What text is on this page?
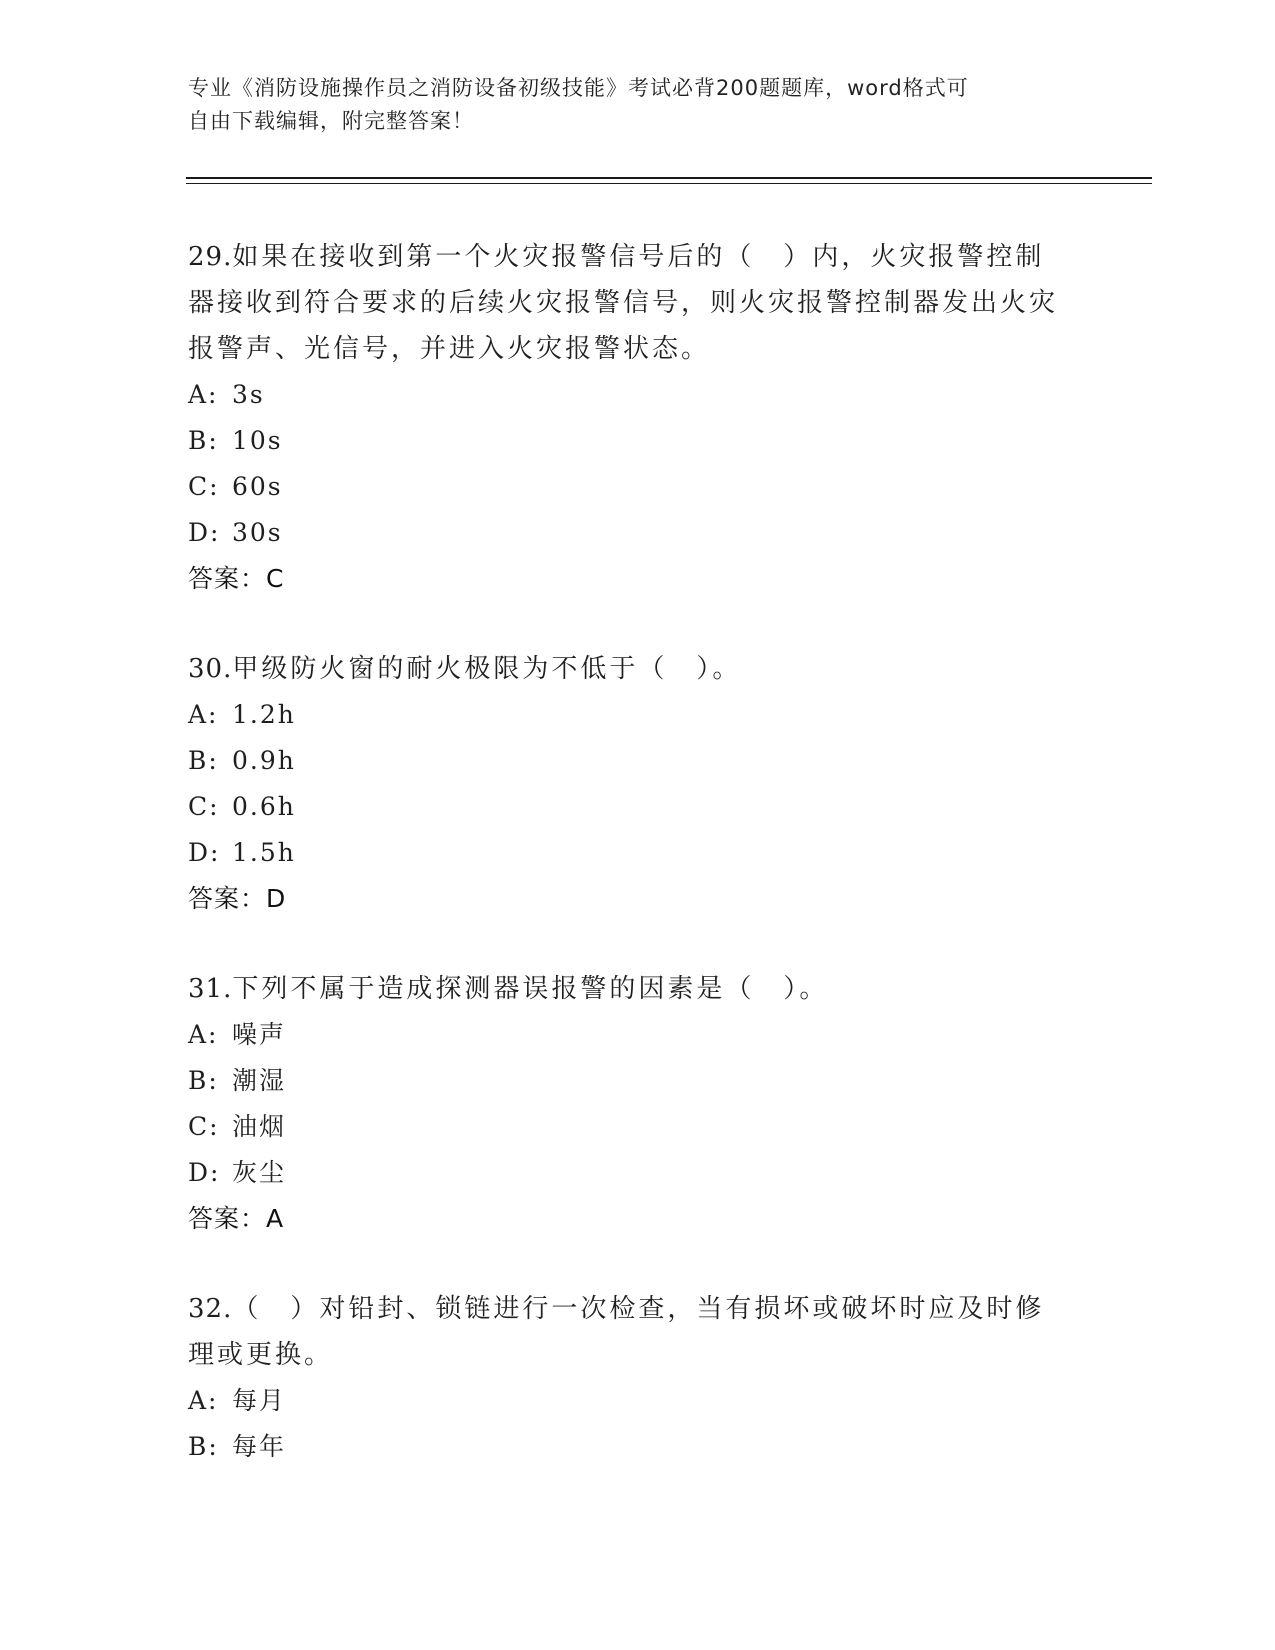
专业《消防设施操作员之消防设备初级技能》考试必背200题题库，word格式可
自由下载编辑，附完整答案！

29.如果在接收到第一个火灾报警信号后的（　）内，火灾报警控制器接收到符合要求的后续火灾报警信号，则火灾报警控制器发出火灾报警声、光信号，并进入火灾报警状态。

A: 3s

B: 10s

C: 60s

D: 30s

答案：C

30.甲级防火窗的耐火极限为不低于（　）。

A: 1.2h

B: 0.9h

C: 0.6h

D: 1.5h

答案：D

31.下列不属于造成探测器误报警的因素是（　）。

A: 噪声

B: 潮湿

C: 油烟

D: 灰尘

答案：A

32.（　）对铅封、锁链进行一次检查，当有损坏或破坏时应及时修理或更换。

A: 每月

B: 每年
